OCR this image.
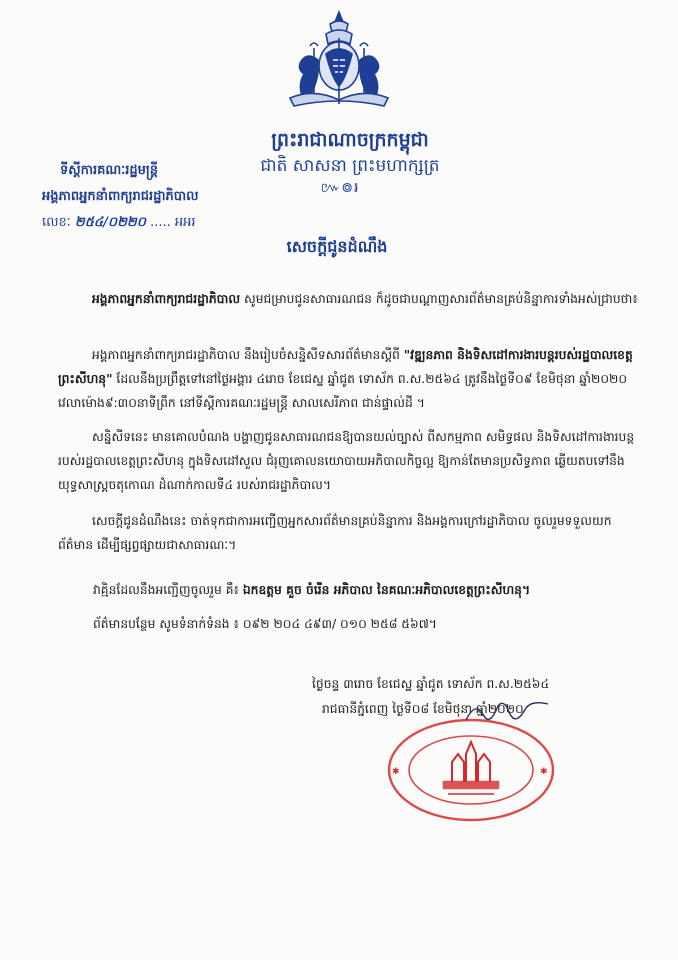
ព្រះរាជាណាចក្រកម្ពុជា
ជាតិ សាសនា ព្រះមហាក្សត្រ
៚៙៛
ទីស្តីការគណៈរដ្ឋមន្ត្រី
អង្គភាពអ្នកនាំពាក្យរាជរដ្ឋាភិបាល
លេខៈ ២៥៤/០២២០ ..... អអរ
សេចក្តីជូនដំណឹង
អង្គភាពអ្នកនាំពាក្យរាជរដ្ឋាភិបាល សូមជម្រាបជូនសាធារណជន ក៏ដូចជាបណ្តាញសារព័ត៌មានគ្រប់និន្នាការទាំងអស់ជ្រាបថា៖
អង្គភាពអ្នកនាំពាក្យរាជរដ្ឋាភិបាល នឹងរៀបចំសន្និសីទសារព័ត៌មានស្តីពី "វឌ្ឍនភាព និងទិសដៅការងារបន្តរបស់រដ្ឋបាលខេត្តព្រះសីហនុ" ដែលនឹងប្រព្រឹត្តទៅនៅថ្ងៃអង្គារ ៤រោច ខែជេស្ឋ ឆ្នាំជូត ទោស័ក ព.ស.២៥៦៤ ត្រូវនឹងថ្ងៃទី០៩ ខែមិថុនា ឆ្នាំ២០២០ វេលាម៉ោង៩:៣០នាទីព្រឹក នៅទីស្តីការគណៈរដ្ឋមន្ត្រី សាលសេរីភាព ជាន់ផ្ទាល់ដី ។
សន្និសីទនេះ មានគោលបំណង បង្ហាញជូនសាធារណជនឱ្យបានយល់ច្បាស់ ពីសកម្មភាព សមិទ្ធផល និងទិសដៅការងារបន្ត របស់រដ្ឋបាលខេត្តព្រះសីហនុ ក្នុងទិសដៅសួល ជំរុញគោលនយោបាយអភិបាលកិច្ចល្អ ឱ្យកាន់តែមានប្រសិទ្ធភាព ឆ្លើយតបទៅនឹងយុទ្ធសាស្ត្រចតុកោណ ដំណាក់កាលទី៤ របស់រាជរដ្ឋាភិបាល។
សេចក្តីជូនដំណឹងនេះ ចាត់ទុកជាការអញ្ជើញអ្នកសារព័ត៌មានគ្រប់និន្នាការ និងអង្គការក្រៅរដ្ឋាភិបាល ចូលរួមទទួលយកព័ត៌មាន ដើម្បីផ្សព្វផ្សាយជាសាធារណៈ។
វាគ្មិនដែលនឹងអញ្ជើញចូលរួម គឺ៖ ឯកឧត្តម គួច ចំរើន អភិបាល នៃគណៈអភិបាលខេត្តព្រះសីហនុ។
ព័ត៌មានបន្ថែម សូមទំនាក់ទំនង ៖ ០៩២ ២០៤ ៤៩៣/ ០១០ ២៥៨ ៥៦៧។
ថ្ងៃចន្ទ ៣រោច ខែជេស្ឋ ឆ្នាំជូត ទោស័ក ព.ស.២៥៦៤
រាជធានីភ្នំពេញ ថ្ងៃទី០៨ ខែមិថុនា ឆ្នាំ២០២០
✱	✱
